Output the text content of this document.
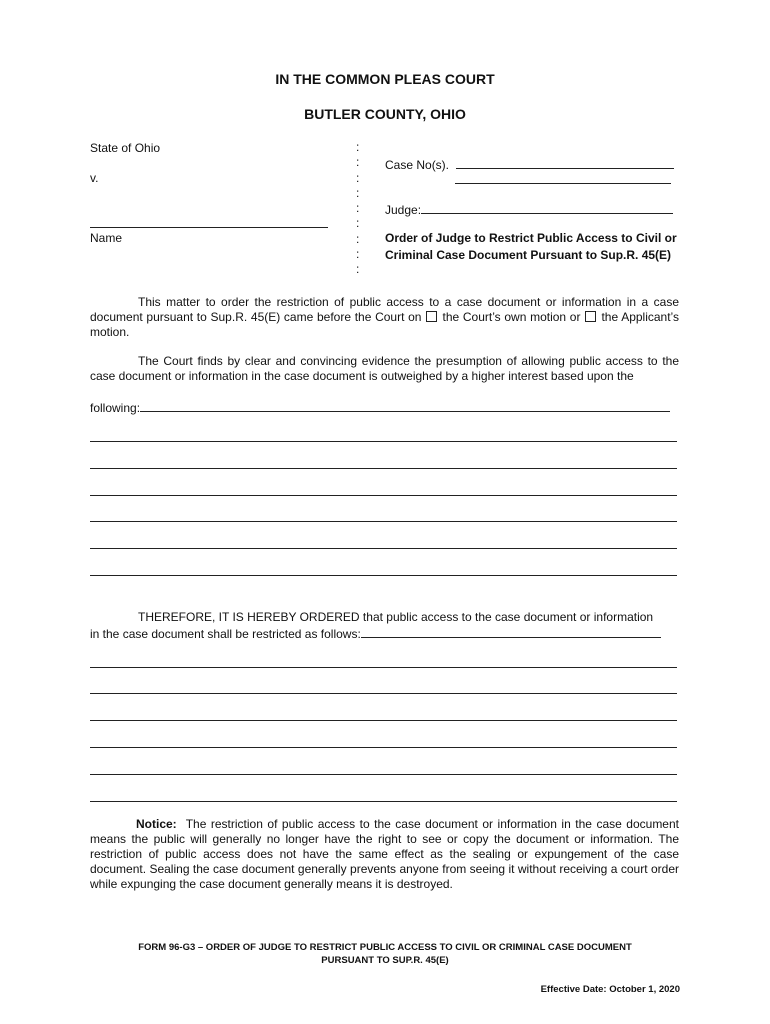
IN THE COMMON PLEAS COURT
BUTLER COUNTY, OHIO
State of Ohio
v.
Name
:
:
:
:
:
:
:
:
:
Case No(s).
Judge:
Order of Judge to Restrict Public Access to Civil or Criminal Case Document Pursuant to Sup.R. 45(E)
This matter to order the restriction of public access to a case document or information in a case document pursuant to Sup.R. 45(E) came before the Court on the Court’s own motion or the Applicant’s motion.
The Court finds by clear and convincing evidence the presumption of allowing public access to the case document or information in the case document is outweighed by a higher interest based upon the
following:
THEREFORE, IT IS HEREBY ORDERED that public access to the case document or information
in the case document shall be restricted as follows:
Notice: The restriction of public access to the case document or information in the case document means the public will generally no longer have the right to see or copy the document or information. The restriction of public access does not have the same effect as the sealing or expungement of the case document. Sealing the case document generally prevents anyone from seeing it without receiving a court order while expunging the case document generally means it is destroyed.
FORM 96-G3 – ORDER OF JUDGE TO RESTRICT PUBLIC ACCESS TO CIVIL OR CRIMINAL CASE DOCUMENT
PURSUANT TO SUP.R. 45(E)
Effective Date: October 1, 2020
